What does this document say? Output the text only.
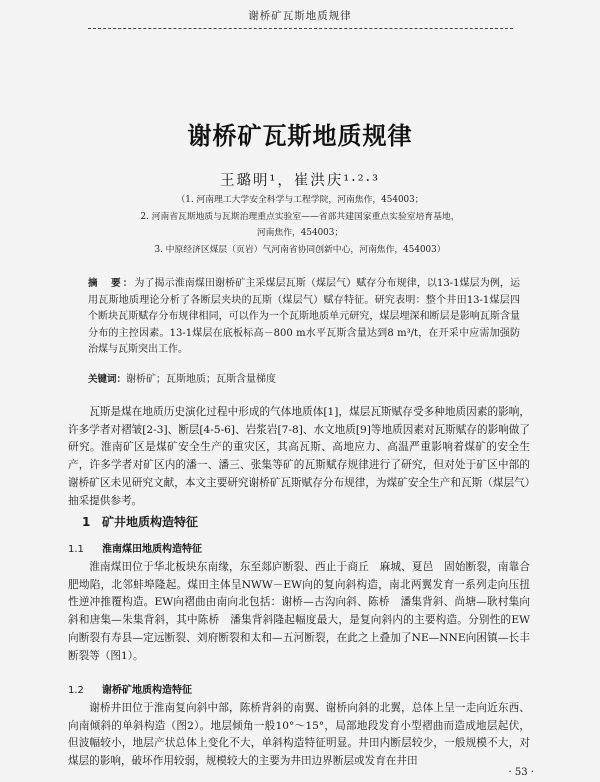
谢桥矿瓦斯地质规律
谢桥矿瓦斯地质规律
王璐明¹，崔洪庆¹·²·³
（1. 河南理工大学安全科学与工程学院，河南焦作，454003；
2. 河南省瓦斯地质与瓦斯治理重点实验室——省部共建国家重点实验室培育基地，
河南焦作，454003；
3. 中原经济区煤层（页岩）气河南省协同创新中心，河南焦作，454003）
摘　要：为了揭示淮南煤田谢桥矿主采煤层瓦斯（煤层气）赋存分布规律，以13-1煤层为例，运用瓦斯地质理论分析了各断层夹块的瓦斯（煤层气）赋存特征。研究表明：整个井田13-1煤层四个断块瓦斯赋存分布规律相同，可以作为一个瓦斯地质单元研究，煤层埋深和断层是影响瓦斯含量分布的主控因素。13-1煤层在底板标高－800 m水平瓦斯含量达到8 m³/t，在开采中应需加强防治煤与瓦斯突出工作。
关键词：谢桥矿；瓦斯地质；瓦斯含量梯度
瓦斯是煤在地质历史演化过程中形成的气体地质体[1]，煤层瓦斯赋存受多种地质因素的影响，许多学者对褶皱[2-3]、断层[4-5-6]、岩浆岩[7-8]、水文地质[9]等地质因素对瓦斯赋存的影响做了研究。淮南矿区是煤矿安全生产的重灾区，其高瓦斯、高地应力、高温严重影响着煤矿的安全生产，许多学者对矿区内的潘一、潘三、张集等矿的瓦斯赋存规律进行了研究，但对处于矿区中部的谢桥矿区未见研究文献，本文主要研究谢桥矿瓦斯赋存分布规律，为煤矿安全生产和瓦斯（煤层气）抽采提供参考。
1 矿井地质构造特征
1.1 淮南煤田地质构造特征
淮南煤田位于华北板块东南缘，东至郯庐断裂、西止于商丘　麻城、夏邑　固始断裂，南靠合肥坳陷，北邻蚌埠隆起。煤田主体呈NWW－EW向的复向斜构造，南北两翼发育一系列走向压扭性逆冲推覆构造。EW向褶曲由南向北包括：谢桥—古沟向斜、陈桥　潘集背斜、尚塘—耿村集向斜和唐集—朱集背斜，其中陈桥　潘集背斜隆起幅度最大，是复向斜内的主要构造。分别性的EW向断裂有寿县—定远断裂、刘府断裂和太和—五河断裂，在此之上叠加了NE—NNE向困镇—长丰断裂等（图1）。
1.2 谢桥矿地质构造特征
谢桥井田位于淮南复向斜中部，陈桥背斜的南翼、谢桥向斜的北翼，总体上呈一走向近东西、向南倾斜的单斜构造（图2）。地层倾角一般10°～15°，局部地段发育小型褶曲而造成地层起伏，但波幅较小，地层产状总体上变化不大，单斜构造特征明显。井田内断层较少，一般规模不大，对煤层的影响，破坏作用较弱，规模较大的主要为井田边界断层或发育在井田
· 53 ·
